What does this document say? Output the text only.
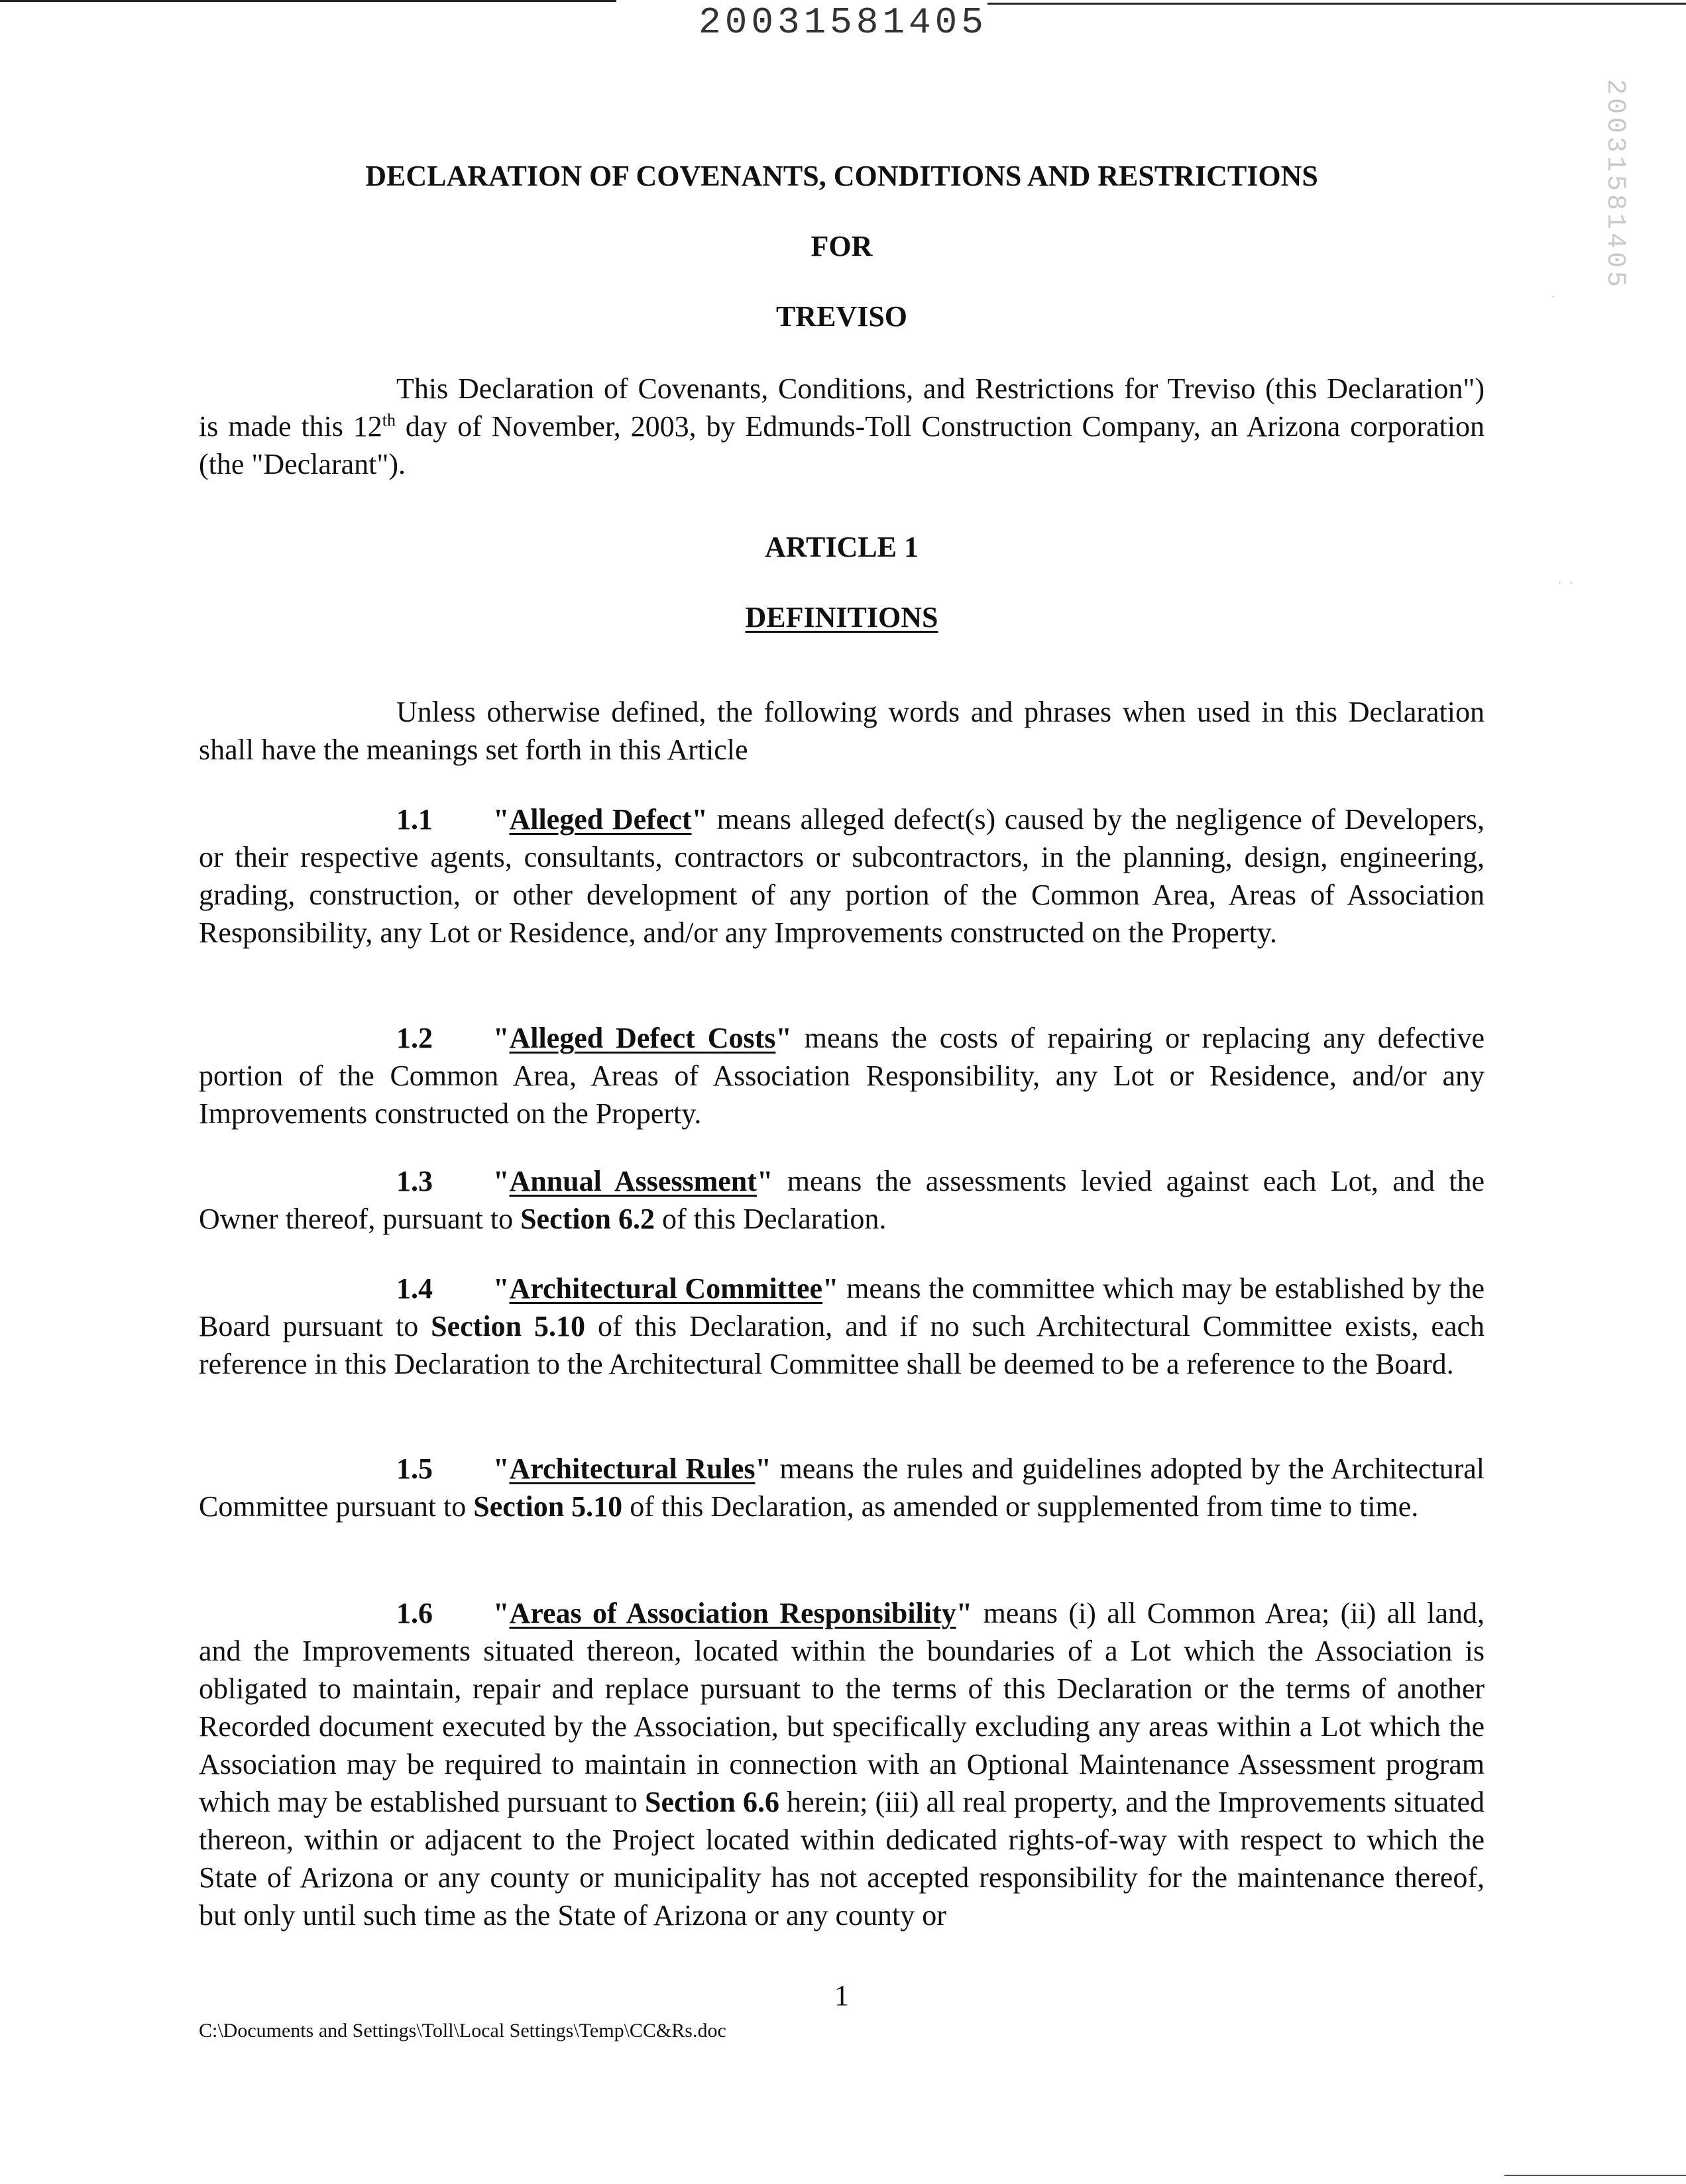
20031581405
20031581405
·
·  ·
DECLARATION OF COVENANTS, CONDITIONS AND RESTRICTIONS
FOR
TREVISO
This Declaration of Covenants, Conditions, and Restrictions for Treviso (this Declaration") is made this 12th day of November, 2003, by Edmunds-Toll Construction Company, an Arizona corporation (the "Declarant").
ARTICLE 1
DEFINITIONS
Unless otherwise defined, the following words and phrases when used in this Declaration shall have the meanings set forth in this Article
1.1 "Alleged Defect" means alleged defect(s) caused by the negligence of Developers, or their respective agents, consultants, contractors or subcontractors, in the planning, design, engineering, grading, construction, or other development of any portion of the Common Area, Areas of Association Responsibility, any Lot or Residence, and/or any Improvements constructed on the Property.
1.2 "Alleged Defect Costs" means the costs of repairing or replacing any defective portion of the Common Area, Areas of Association Responsibility, any Lot or Residence, and/or any Improvements constructed on the Property.
1.3 "Annual Assessment" means the assessments levied against each Lot, and the Owner thereof, pursuant to Section 6.2 of this Declaration.
1.4 "Architectural Committee" means the committee which may be established by the Board pursuant to Section 5.10 of this Declaration, and if no such Architectural Committee exists, each reference in this Declaration to the Architectural Committee shall be deemed to be a reference to the Board.
1.5 "Architectural Rules" means the rules and guidelines adopted by the Architectural Committee pursuant to Section 5.10 of this Declaration, as amended or supplemented from time to time.
1.6 "Areas of Association Responsibility" means (i) all Common Area; (ii) all land, and the Improvements situated thereon, located within the boundaries of a Lot which the Association is obligated to maintain, repair and replace pursuant to the terms of this Declaration or the terms of another Recorded document executed by the Association, but specifically excluding any areas within a Lot which the Association may be required to maintain in connection with an Optional Maintenance Assessment program which may be established pursuant to Section 6.6 herein; (iii) all real property, and the Improvements situated thereon, within or adjacent to the Project located within dedicated rights-of-way with respect to which the State of Arizona or any county or municipality has not accepted responsibility for the maintenance thereof, but only until such time as the State of Arizona or any county or
1
C:\Documents and Settings\Toll\Local Settings\Temp\CC&Rs.doc
